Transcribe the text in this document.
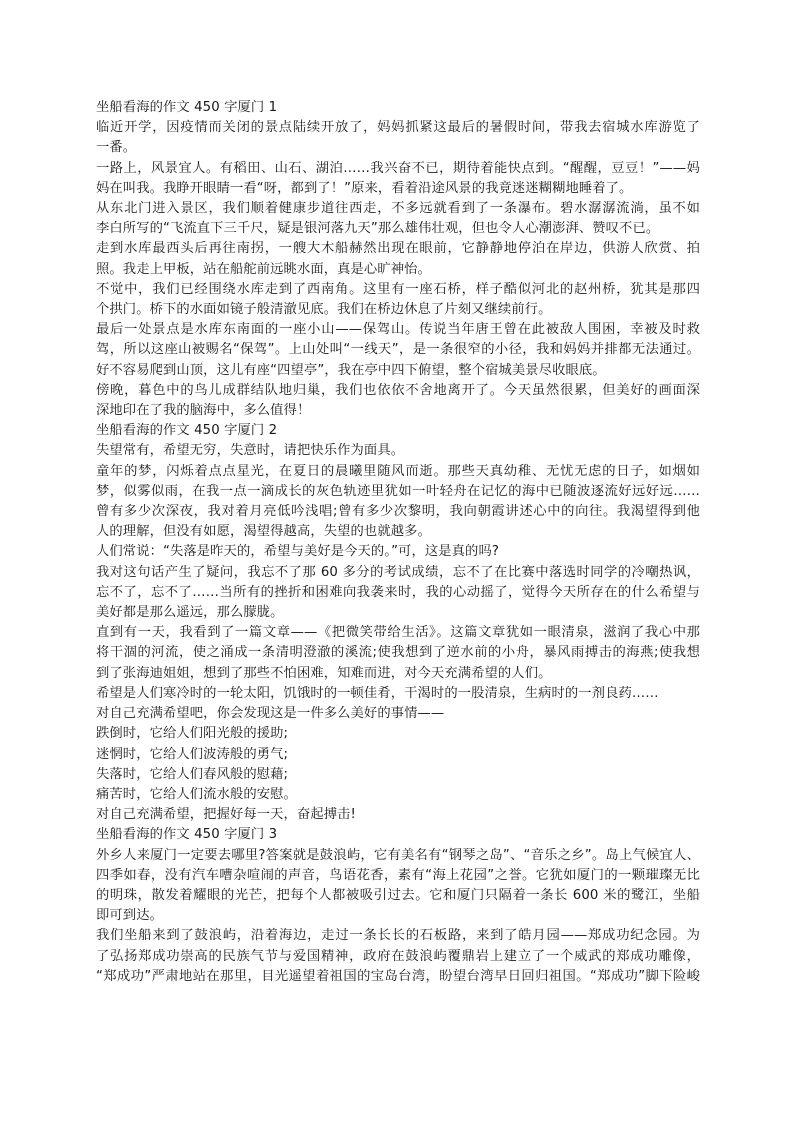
坐船看海的作文 450 字厦门 1
临近开学，因疫情而关闭的景点陆续开放了，妈妈抓紧这最后的暑假时间，带我去宿城水库游览了
一番。
一路上，风景宜人。有稻田、山石、湖泊……我兴奋不已，期待着能快点到。“醒醒，豆豆！”——妈
妈在叫我。我睁开眼睛一看“呀，都到了！”原来，看着沿途风景的我竟迷迷糊糊地睡着了。
从东北门进入景区，我们顺着健康步道往西走，不多远就看到了一条瀑布。碧水潺潺流淌，虽不如
李白所写的“飞流直下三千尺，疑是银河落九天”那么雄伟壮观，但也令人心潮澎湃、赞叹不已。
走到水库最西头后再往南拐，一艘大木船赫然出现在眼前，它静静地停泊在岸边，供游人欣赏、拍
照。我走上甲板，站在船舵前远眺水面，真是心旷神怡。
不觉中，我们已经围绕水库走到了西南角。这里有一座石桥，样子酷似河北的赵州桥，犹其是那四
个拱门。桥下的水面如镜子般清澈见底。我们在桥边休息了片刻又继续前行。
最后一处景点是水库东南面的一座小山——保驾山。传说当年唐王曾在此被敌人围困，幸被及时救
驾，所以这座山被赐名“保驾”。上山处叫“一线天”，是一条很窄的小径，我和妈妈并排都无法通过。
好不容易爬到山顶，这儿有座“四望亭”，我在亭中四下俯望，整个宿城美景尽收眼底。
傍晚，暮色中的鸟儿成群结队地归巢，我们也依依不舍地离开了。今天虽然很累，但美好的画面深
深地印在了我的脑海中，多么值得！
坐船看海的作文 450 字厦门 2
失望常有，希望无穷，失意时，请把快乐作为面具。
童年的梦，闪烁着点点星光，在夏日的晨曦里随风而逝。那些天真幼稚、无忧无虑的日子，如烟如
梦，似雾似雨，在我一点一滴成长的灰色轨迹里犹如一叶轻舟在记忆的海中已随波逐流好远好远……
曾有多少次深夜，我对着月亮低吟浅唱;曾有多少次黎明，我向朝霞讲述心中的向往。我渴望得到他
人的理解，但没有如愿，渴望得越高，失望的也就越多。
人们常说：“失落是昨天的，希望与美好是今天的。”可，这是真的吗?
我对这句话产生了疑问，我忘不了那 60 多分的考试成绩，忘不了在比赛中落选时同学的冷嘲热讽，
忘不了，忘不了……当所有的挫折和困难向我袭来时，我的心动摇了，觉得今天所存在的什么希望与
美好都是那么遥远，那么朦胧。
直到有一天，我看到了一篇文章——《把微笑带给生活》。这篇文章犹如一眼清泉，滋润了我心中那
将干涸的河流，使之涌成一条清明澄澈的溪流;使我想到了逆水前的小舟，暴风雨搏击的海燕;使我想
到了张海迪姐姐，想到了那些不怕困难，知难而进，对今天充满希望的人们。
希望是人们寒冷时的一轮太阳，饥饿时的一顿佳肴，干渴时的一股清泉，生病时的一剂良药……
对自己充满希望吧，你会发现这是一件多么美好的事情——
跌倒时，它给人们阳光般的援助;
迷惘时，它给人们波涛般的勇气;
失落时，它给人们春风般的慰藉;
痛苦时，它给人们流水般的安慰。
对自己充满希望，把握好每一天，奋起搏击!
坐船看海的作文 450 字厦门 3
外乡人来厦门一定要去哪里?答案就是鼓浪屿，它有美名有“钢琴之岛”、“音乐之乡”。岛上气候宜人、
四季如春，没有汽车嘈杂喧闹的声音，鸟语花香，素有“海上花园”之誉。它犹如厦门的一颗璀璨无比
的明珠，散发着耀眼的光芒，把每个人都被吸引过去。它和厦门只隔着一条长 600 米的鹭江，坐船
即可到达。
我们坐船来到了鼓浪屿，沿着海边，走过一条长长的石板路，来到了皓月园——郑成功纪念园。为
了弘扬郑成功崇高的民族气节与爱国精神，政府在鼓浪屿覆鼎岩上建立了一个威武的郑成功雕像，
“郑成功”严肃地站在那里，目光遥望着祖国的宝岛台湾，盼望台湾早日回归祖国。“郑成功”脚下险峻
